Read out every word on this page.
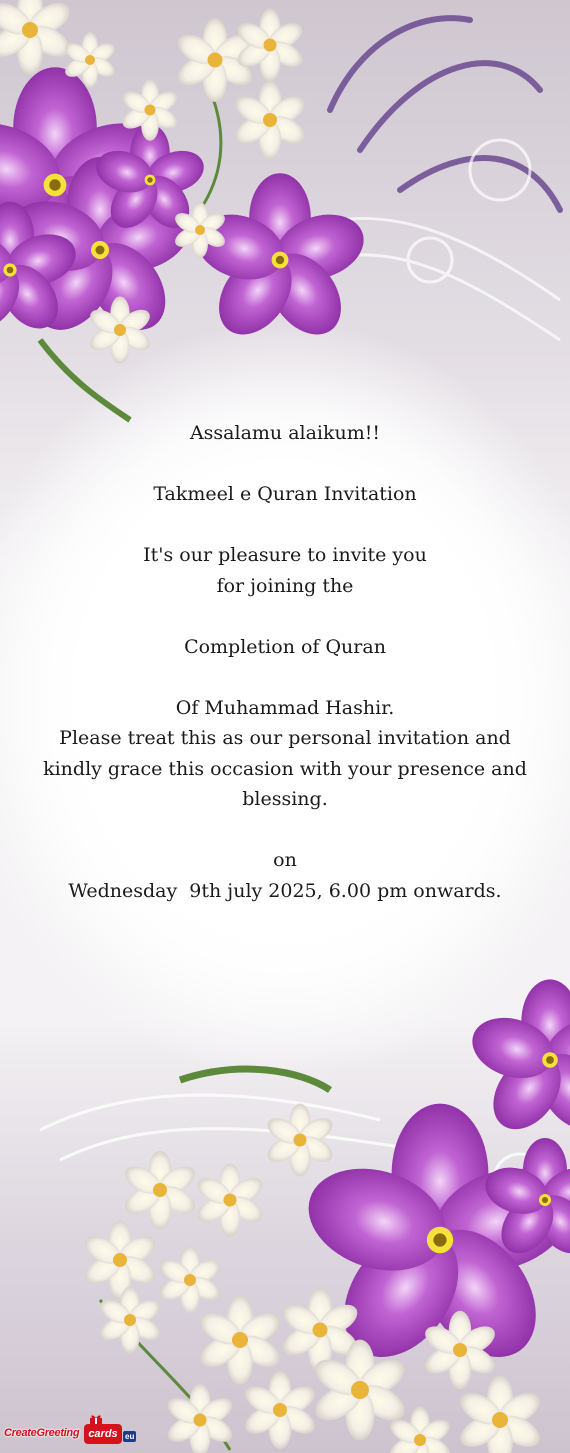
Assalamu alaikum!!
Takmeel e Quran Invitation
It's our pleasure to invite you
for joining the
Completion of Quran
Of Muhammad Hashir.
Please treat this as our personal invitation and kindly grace this occasion with your presence and blessing.
on
Wednesday  9th july 2025, 6.00 pm onwards.
CreateGreeting cards eu
